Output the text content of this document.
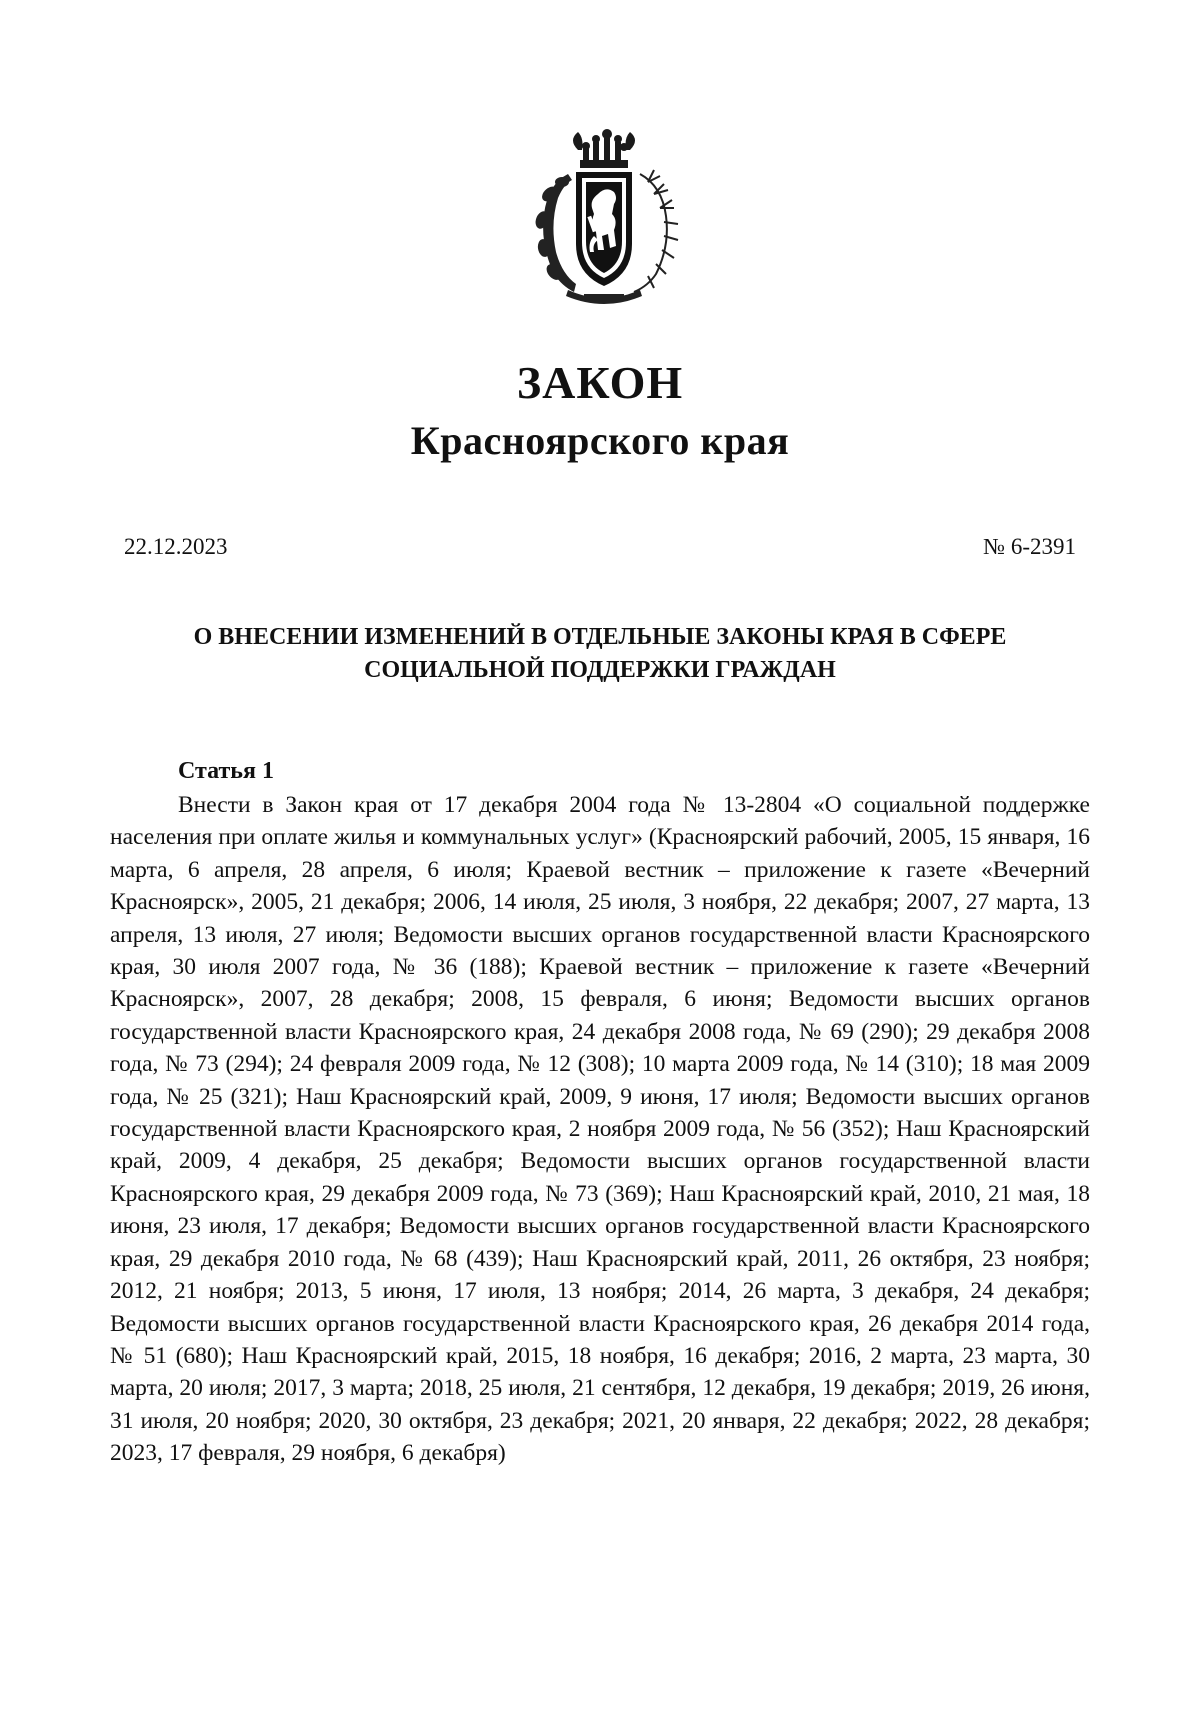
ЗАКОН
Красноярского края
22.12.2023	№ 6-2391
О ВНЕСЕНИИ ИЗМЕНЕНИЙ В ОТДЕЛЬНЫЕ ЗАКОНЫ КРАЯ В СФЕРЕ
СОЦИАЛЬНОЙ ПОДДЕРЖКИ ГРАЖДАН
Статья 1

Внести в Закон края от 17 декабря 2004 года № 13-2804 «О социальной поддержке населения при оплате жилья и коммунальных услуг» (Красноярский рабочий, 2005, 15 января, 16 марта, 6 апреля, 28 апреля, 6 июля; Краевой вестник – приложение к газете «Вечерний Красноярск», 2005, 21 декабря; 2006, 14 июля, 25 июля, 3 ноября, 22 декабря; 2007, 27 марта, 13 апреля, 13 июля, 27 июля; Ведомости высших органов государственной власти Красноярского края, 30 июля 2007 года, № 36 (188); Краевой вестник – приложение к газете «Вечерний Красноярск», 2007, 28 декабря; 2008, 15 февраля, 6 июня; Ведомости высших органов государственной власти Красноярского края, 24 декабря 2008 года, № 69 (290); 29 декабря 2008 года, № 73 (294); 24 февраля 2009 года, № 12 (308); 10 марта 2009 года, № 14 (310); 18 мая 2009 года, № 25 (321); Наш Красноярский край, 2009, 9 июня, 17 июля; Ведомости высших органов государственной власти Красноярского края, 2 ноября 2009 года, № 56 (352); Наш Красноярский край, 2009, 4 декабря, 25 декабря; Ведомости высших органов государственной власти Красноярского края, 29 декабря 2009 года, № 73 (369); Наш Красноярский край, 2010, 21 мая, 18 июня, 23 июля, 17 декабря; Ведомости высших органов государственной власти Красноярского края, 29 декабря 2010 года, № 68 (439); Наш Красноярский край, 2011, 26 октября, 23 ноября; 2012, 21 ноября; 2013, 5 июня, 17 июля, 13 ноября; 2014, 26 марта, 3 декабря, 24 декабря; Ведомости высших органов государственной власти Красноярского края, 26 декабря 2014 года, № 51 (680); Наш Красноярский край, 2015, 18 ноября, 16 декабря; 2016, 2 марта, 23 марта, 30 марта, 20 июля; 2017, 3 марта; 2018, 25 июля, 21 сентября, 12 декабря, 19 декабря; 2019, 26 июня, 31 июля, 20 ноября; 2020, 30 октября, 23 декабря; 2021, 20 января, 22 декабря; 2022, 28 декабря; 2023, 17 февраля, 29 ноября, 6 декабря)
